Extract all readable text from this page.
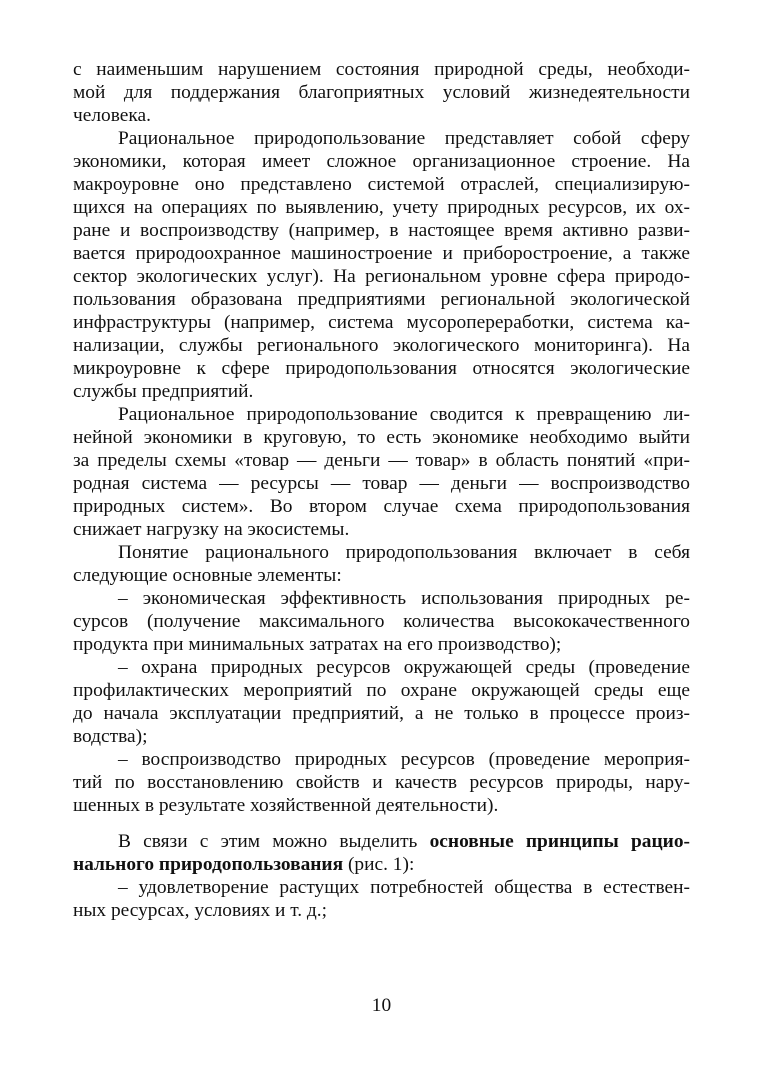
с наименьшим нарушением состояния природной среды, необходи-
мой для поддержания благоприятных условий жизнедеятельности
человека.
Рациональное природопользование представляет собой сферу
экономики, которая имеет сложное организационное строение. На
макроуровне оно представлено системой отраслей, специализирую-
щихся на операциях по выявлению, учету природных ресурсов, их ох-
ране и воспроизводству (например, в настоящее время активно разви-
вается природоохранное машиностроение и приборостроение, а также
сектор экологических услуг). На региональном уровне сфера природо-
пользования образована предприятиями региональной экологической
инфраструктуры (например, система мусоропереработки, система ка-
нализации, службы регионального экологического мониторинга). На
микроуровне к сфере природопользования относятся экологические
службы предприятий.
Рациональное природопользование сводится к превращению ли-
нейной экономики в круговую, то есть экономике необходимо выйти
за пределы схемы «товар — деньги — товар» в область понятий «при-
родная система — ресурсы — товар — деньги — воспроизводство
природных систем». Во втором случае схема природопользования
снижает нагрузку на экосистемы.
Понятие рационального природопользования включает в себя
следующие основные элементы:
– экономическая эффективность использования природных ре-
сурсов (получение максимального количества высококачественного
продукта при минимальных затратах на его производство);
– охрана природных ресурсов окружающей среды (проведение
профилактических мероприятий по охране окружающей среды еще
до начала эксплуатации предприятий, а не только в процессе произ-
водства);
– воспроизводство природных ресурсов (проведение мероприя-
тий по восстановлению свойств и качеств ресурсов природы, нару-
шенных в результате хозяйственной деятельности).
В связи с этим можно выделить основные принципы рацио-
нального природопользования (рис. 1):
– удовлетворение растущих потребностей общества в естествен-
ных ресурсах, условиях и т. д.;
10
